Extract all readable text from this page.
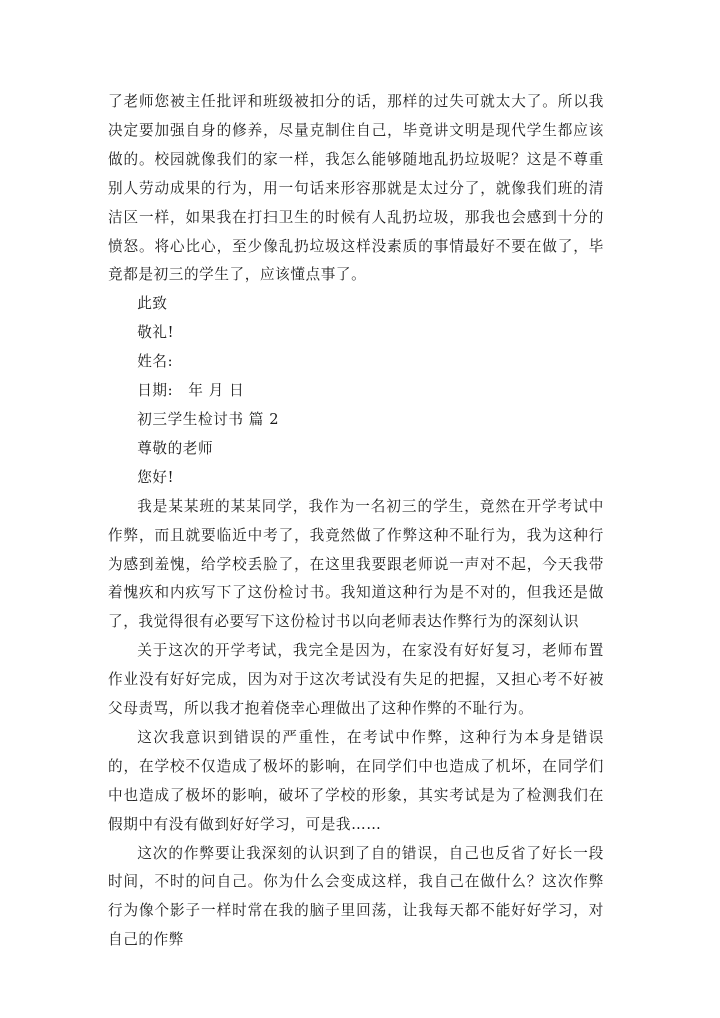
了老师您被主任批评和班级被扣分的话，那样的过失可就太大了。所以我决定要加强自身的修养，尽量克制住自己，毕竟讲文明是现代学生都应该做的。校园就像我们的家一样，我怎么能够随地乱扔垃圾呢？这是不尊重别人劳动成果的行为，用一句话来形容那就是太过分了，就像我们班的清洁区一样，如果我在打扫卫生的时候有人乱扔垃圾，那我也会感到十分的愤怒。将心比心，至少像乱扔垃圾这样没素质的事情最好不要在做了，毕竟都是初三的学生了，应该懂点事了。

此致

敬礼!

姓名:

日期:　年 月 日

初三学生检讨书 篇 2

尊敬的老师

您好!

我是某某班的某某同学，我作为一名初三的学生，竟然在开学考试中作弊，而且就要临近中考了，我竟然做了作弊这种不耻行为，我为这种行为感到羞愧，给学校丢脸了，在这里我要跟老师说一声对不起，今天我带着愧疚和内疚写下了这份检讨书。我知道这种行为是不对的，但我还是做了，我觉得很有必要写下这份检讨书以向老师表达作弊行为的深刻认识

关于这次的开学考试，我完全是因为，在家没有好好复习，老师布置作业没有好好完成，因为对于这次考试没有失足的把握，又担心考不好被父母责骂，所以我才抱着侥幸心理做出了这种作弊的不耻行为。

这次我意识到错误的严重性，在考试中作弊，这种行为本身是错误的，在学校不仅造成了极坏的影响，在同学们中也造成了机坏，在同学们中也造成了极坏的影响，破坏了学校的形象，其实考试是为了检测我们在假期中有没有做到好好学习，可是我……

这次的作弊要让我深刻的认识到了自的错误，自己也反省了好长一段时间，不时的问自己。你为什么会变成这样，我自己在做什么？这次作弊行为像个影子一样时常在我的脑子里回荡，让我每天都不能好好学习，对自己的作弊
